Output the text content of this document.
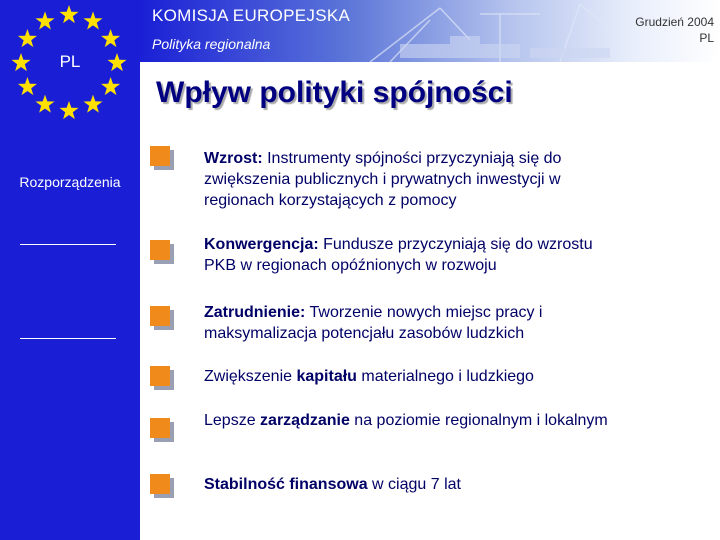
PL
Rozporządzenia
KOMISJA EUROPEJSKA
Polityka regionalna
Grudzień 2004
PL
Wpływ polityki spójności
Wzrost: Instrumenty spójności przyczyniają się do zwiększenia publicznych i prywatnych inwestycji w regionach korzystających z pomocy
Konwergencja: Fundusze przyczyniają się do wzrostu PKB w regionach opóźnionych w rozwoju
Zatrudnienie: Tworzenie nowych miejsc pracy i maksymalizacja potencjału zasobów ludzkich
Zwiększenie kapitału materialnego i ludzkiego
Lepsze zarządzanie na poziomie regionalnym i lokalnym
Stabilność finansowa w ciągu 7 lat
